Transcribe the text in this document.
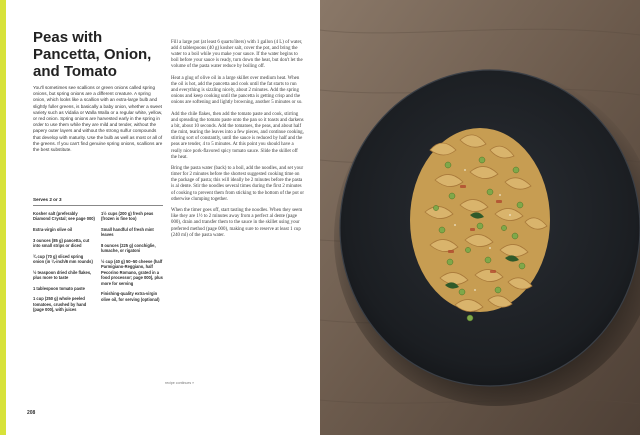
Peas with Pancetta, Onion, and Tomato

You'll sometimes see scallions or green onions called spring onions, but spring onions are a different creature. A spring onion, which looks like a scallion with an extra-large bulb and slightly fuller greens, is basically a baby onion, whether a sweet variety such as Vidalia or Walla Walla or a regular white, yellow, or red onion. Spring onions are harvested early in the spring in order to use them while they are mild and tender, without the papery outer layers and without the strong sulfur compounds that develop with maturity. Use the bulb as well as most or all of the greens. If you can't find genuine spring onions, scallions are the best substitute.

Serves 2 or 3

Kosher salt (preferably Diamond Crystal; see page 000)

Extra-virgin olive oil

3 ounces (85 g) pancetta, cut into small strips or diced

¾ cup (70 g) sliced spring onion (in ¼-inch/6 mm rounds)

½ teaspoon dried chile flakes, plus more to taste

1 tablespoon tomato paste

1 cup (250 g) whole peeled tomatoes, crushed by hand (page 000), with juices

1½ cups (200 g) fresh peas (frozen is fine too)

Small handful of fresh mint leaves

8 ounces (225 g) conchiglie, lumache, or rigatoni

½ cup (40 g) 50–50 cheese (half Parmigiano-Reggiano, half Pecorino Romano, grated in a food processor; page 000), plus more for serving

Finishing-quality extra-virgin olive oil, for serving (optional)

Fill a large pot (at least 6 quarts/liters) with 1 gallon (4 L) of water, add 4 tablespoons (40 g) kosher salt, cover the pot, and bring the water to a boil while you make your sauce. If the water begins to boil before your sauce is ready, turn down the heat, but don't let the volume of the pasta water reduce by boiling off.

Heat a glug of olive oil in a large skillet over medium heat. When the oil is hot, add the pancetta and cook until the fat starts to run and everything is sizzling nicely, about 2 minutes. Add the spring onions and keep cooking until the pancetta is getting crisp and the onions are softening and lightly browning, another 5 minutes or so.

Add the chile flakes, then add the tomato paste and cook, stirring and spreading the tomato paste onto the pan so it toasts and darkens a bit, about 10 seconds. Add the tomatoes, the peas, and about half the mint, tearing the leaves into a few pieces, and continue cooking, stirring sort of constantly, until the sauce is reduced by half and the peas are tender, 4 to 5 minutes. At this point you should have a really nice pork-flavored spicy tomato sauce. Slide the skillet off the heat.

Bring the pasta water (back) to a boil, add the noodles, and set your timer for 2 minutes before the shortest suggested cooking time on the package of pasta; this will ideally be 2 minutes before the pasta is al dente. Stir the noodles several times during the first 2 minutes of cooking to prevent them from sticking to the bottom of the pot or otherwise clumping together.

When the timer goes off, start tasting the noodles. When they seem like they are 1½ to 2 minutes away from a perfect al dente (page 000), drain and transfer them to the sauce in the skillet using your preferred method (page 000), making sure to reserve at least 1 cup (240 ml) of the pasta water.

recipe continues »
208
